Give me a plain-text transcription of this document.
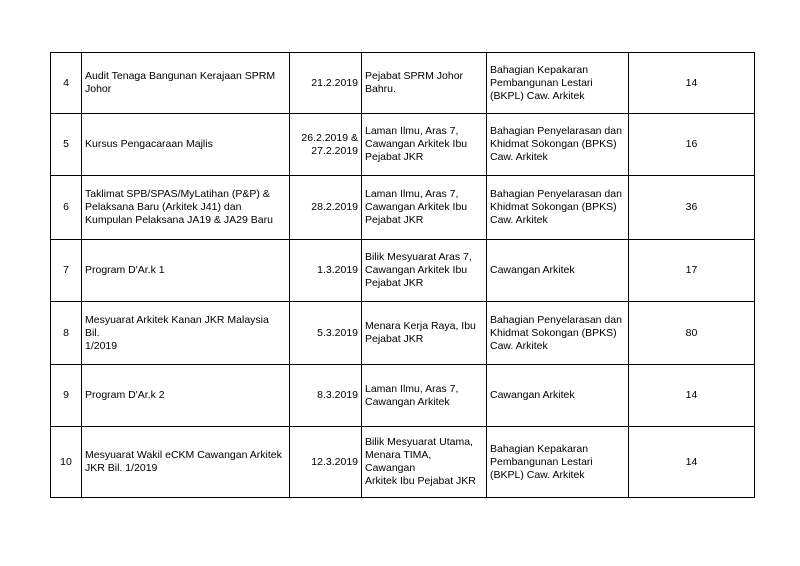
4	Audit Tenaga Bangunan Kerajaan SPRM
Johor	21.2.2019	Pejabat SPRM Johor
Bahru.	Bahagian Kepakaran
Pembangunan Lestari
(BKPL) Caw. Arkitek	14
5	Kursus Pengacaraan Majlis	26.2.2019 &
27.2.2019	Laman Ilmu, Aras 7,
Cawangan Arkitek Ibu
Pejabat JKR	Bahagian Penyelarasan dan
Khidmat Sokongan (BPKS)
Caw. Arkitek	16
6	Taklimat SPB/SPAS/MyLatihan (P&P) &
Pelaksana Baru (Arkitek J41) dan
Kumpulan Pelaksana JA19 & JA29 Baru	28.2.2019	Laman Ilmu, Aras 7,
Cawangan Arkitek Ibu
Pejabat JKR	Bahagian Penyelarasan dan
Khidmat Sokongan (BPKS)
Caw. Arkitek	36
7	Program D'Ar.k 1	1.3.2019	Bilik Mesyuarat Aras 7,
Cawangan Arkitek Ibu
Pejabat JKR	Cawangan Arkitek	17
8	Mesyuarat Arkitek Kanan JKR Malaysia Bil.
1/2019	5.3.2019	Menara Kerja Raya, Ibu
Pejabat JKR	Bahagian Penyelarasan dan
Khidmat Sokongan (BPKS)
Caw. Arkitek	80
9	Program D'Ar.k 2	8.3.2019	Laman Ilmu, Aras 7,
Cawangan Arkitek	Cawangan Arkitek	14
10	Mesyuarat Wakil eCKM Cawangan Arkitek
JKR Bil. 1/2019	12.3.2019	Bilik Mesyuarat Utama,
Menara TIMA, Cawangan
Arkitek Ibu Pejabat JKR	Bahagian Kepakaran
Pembangunan Lestari
(BKPL) Caw. Arkitek	14
